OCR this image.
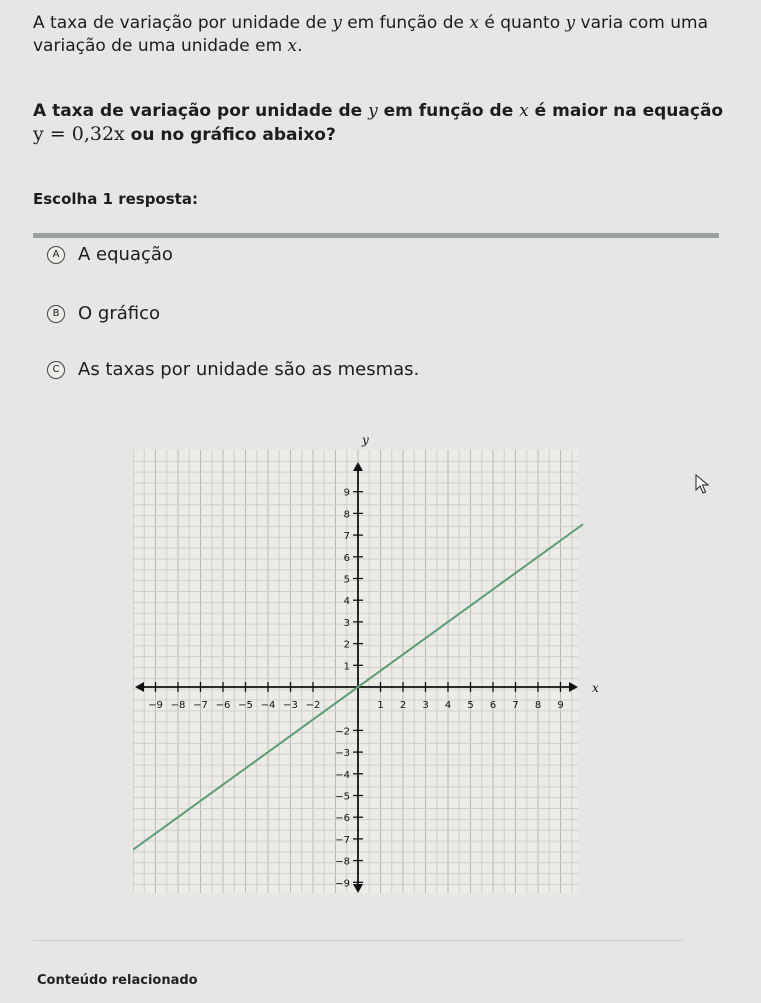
A taxa de variação por unidade de y em função de x é quanto y varia com uma variação de uma unidade em x.
A taxa de variação por unidade de y em função de x é maior na equação
y = 0,32x ou no gráfico abaixo?
Escolha 1 resposta:
A	A equação
B	O gráfico
C	As taxas por unidade são as mesmas.
x
y
−9 −8 −7 −6 −5 −4 −3 −2	1 2 3 4 5 6 7 8 9
9
8
7
6
5
4
3
2
1
−2
−3
−4
−5
−6
−7
−8
−9
Conteúdo relacionado
